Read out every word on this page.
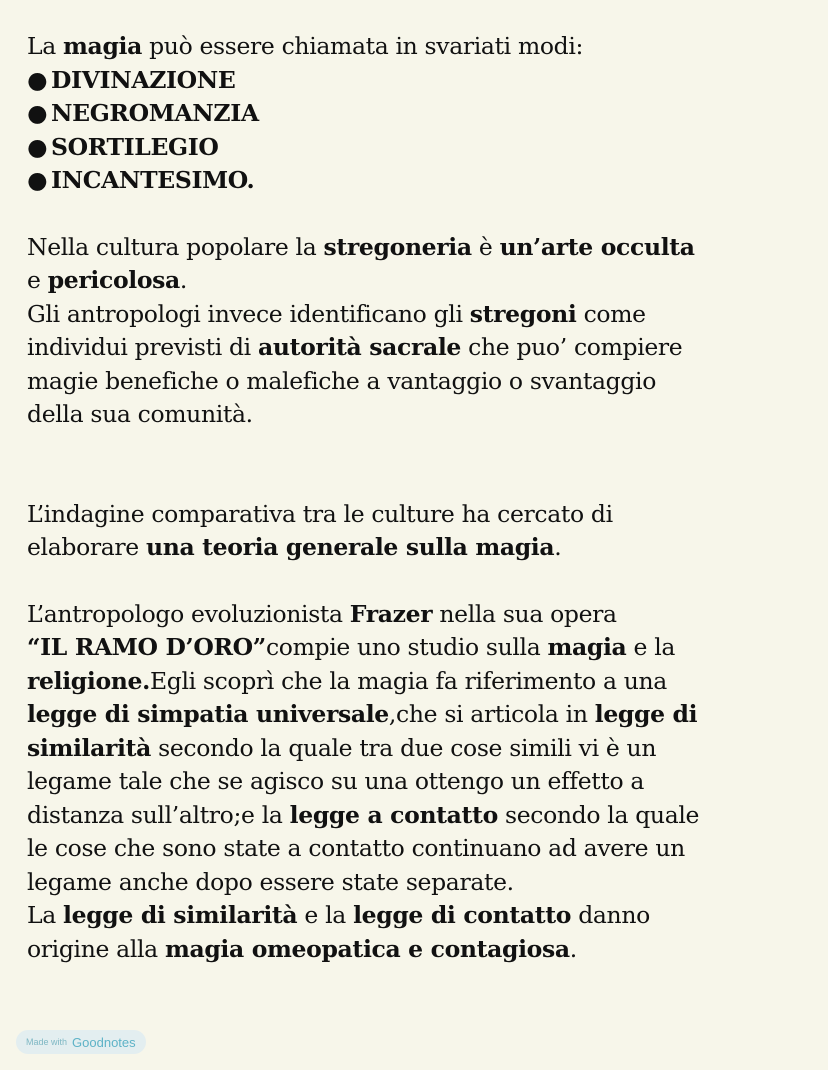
La magia può essere chiamata in svariati modi:
● DIVINAZIONE
● NEGROMANZIA
● SORTILEGIO
● INCANTESIMO.
Nella cultura popolare la stregoneria è un’arte occulta
e pericolosa.
Gli antropologi invece identificano gli stregoni come
individui previsti di autorità sacrale che puo’ compiere
magie benefiche o malefiche a vantaggio o svantaggio
della sua comunità.
L’indagine comparativa tra le culture ha cercato di
elaborare una teoria generale sulla magia.
L’antropologo evoluzionista Frazer nella sua opera
“IL RAMO D’ORO”compie uno studio sulla magia e la
religione.Egli scoprì che la magia fa riferimento a una
legge di simpatia universale,che si articola in legge di
similarità secondo la quale tra due cose simili vi è un
legame tale che se agisco su una ottengo un effetto a
distanza sull’altro;e la legge a contatto secondo la quale
le cose che sono state a contatto continuano ad avere un
legame anche dopo essere state separate.
La legge di similarità e la legge di contatto danno
origine alla magia omeopatica e contagiosa.
Made with Goodnotes
